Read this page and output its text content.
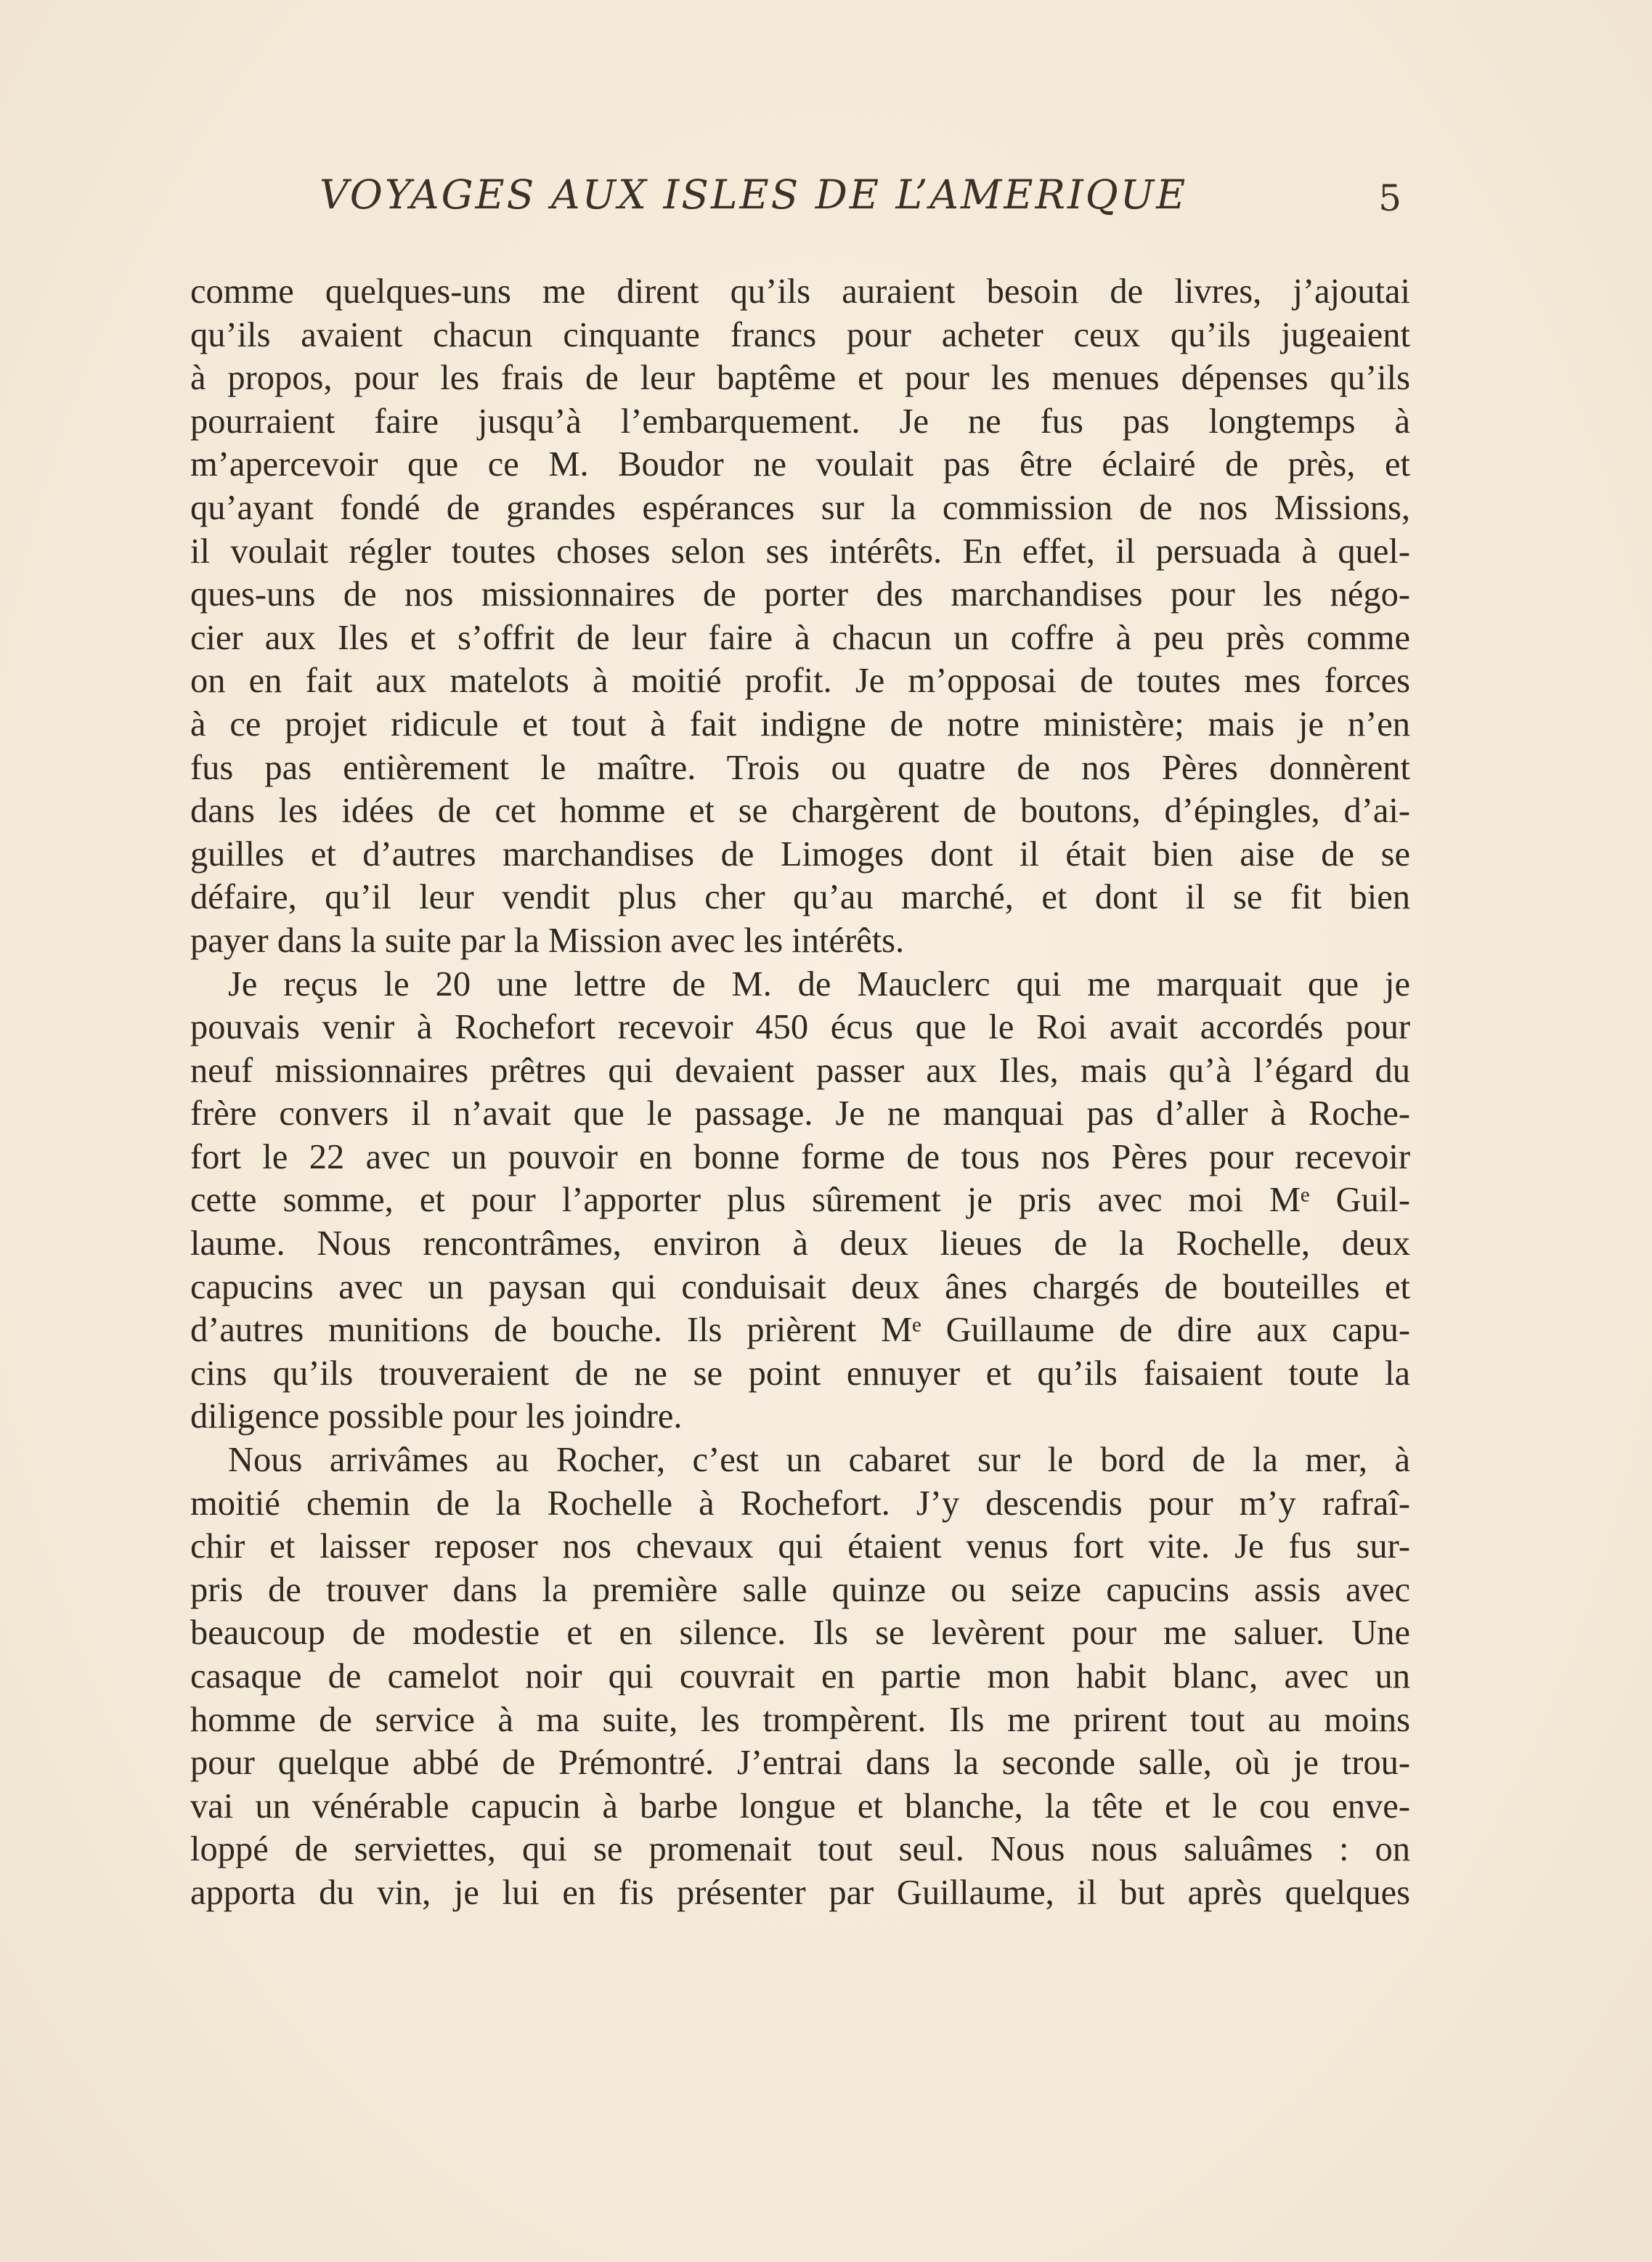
VOYAGES AUX ISLES DE L’AMERIQUE	5
comme quelques-uns me dirent qu’ils auraient besoin de livres, j’ajoutai
qu’ils avaient chacun cinquante francs pour acheter ceux qu’ils jugeaient
à propos, pour les frais de leur baptême et pour les menues dépenses qu’ils
pourraient faire jusqu’à l’embarquement. Je ne fus pas longtemps à
m’apercevoir que ce M. Boudor ne voulait pas être éclairé de près, et
qu’ayant fondé de grandes espérances sur la commission de nos Missions,
il voulait régler toutes choses selon ses intérêts. En effet, il persuada à quel-
ques-uns de nos missionnaires de porter des marchandises pour les négo-
cier aux Iles et s’offrit de leur faire à chacun un coffre à peu près comme
on en fait aux matelots à moitié profit. Je m’opposai de toutes mes forces
à ce projet ridicule et tout à fait indigne de notre ministère; mais je n’en
fus pas entièrement le maître. Trois ou quatre de nos Pères donnèrent
dans les idées de cet homme et se chargèrent de boutons, d’épingles, d’ai-
guilles et d’autres marchandises de Limoges dont il était bien aise de se
défaire, qu’il leur vendit plus cher qu’au marché, et dont il se fit bien
payer dans la suite par la Mission avec les intérêts.
Je reçus le 20 une lettre de M. de Mauclerc qui me marquait que je
pouvais venir à Rochefort recevoir 450 écus que le Roi avait accordés pour
neuf missionnaires prêtres qui devaient passer aux Iles, mais qu’à l’égard du
frère convers il n’avait que le passage. Je ne manquai pas d’aller à Roche-
fort le 22 avec un pouvoir en bonne forme de tous nos Pères pour recevoir
cette somme, et pour l’apporter plus sûrement je pris avec moi Mᵉ Guil-
laume. Nous rencontrâmes, environ à deux lieues de la Rochelle, deux
capucins avec un paysan qui conduisait deux ânes chargés de bouteilles et
d’autres munitions de bouche. Ils prièrent Mᵉ Guillaume de dire aux capu-
cins qu’ils trouveraient de ne se point ennuyer et qu’ils faisaient toute la
diligence possible pour les joindre.
Nous arrivâmes au Rocher, c’est un cabaret sur le bord de la mer, à
moitié chemin de la Rochelle à Rochefort. J’y descendis pour m’y rafraî-
chir et laisser reposer nos chevaux qui étaient venus fort vite. Je fus sur-
pris de trouver dans la première salle quinze ou seize capucins assis avec
beaucoup de modestie et en silence. Ils se levèrent pour me saluer. Une
casaque de camelot noir qui couvrait en partie mon habit blanc, avec un
homme de service à ma suite, les trompèrent. Ils me prirent tout au moins
pour quelque abbé de Prémontré. J’entrai dans la seconde salle, où je trou-
vai un vénérable capucin à barbe longue et blanche, la tête et le cou enve-
loppé de serviettes, qui se promenait tout seul. Nous nous saluâmes : on
apporta du vin, je lui en fis présenter par Guillaume, il but après quelques
